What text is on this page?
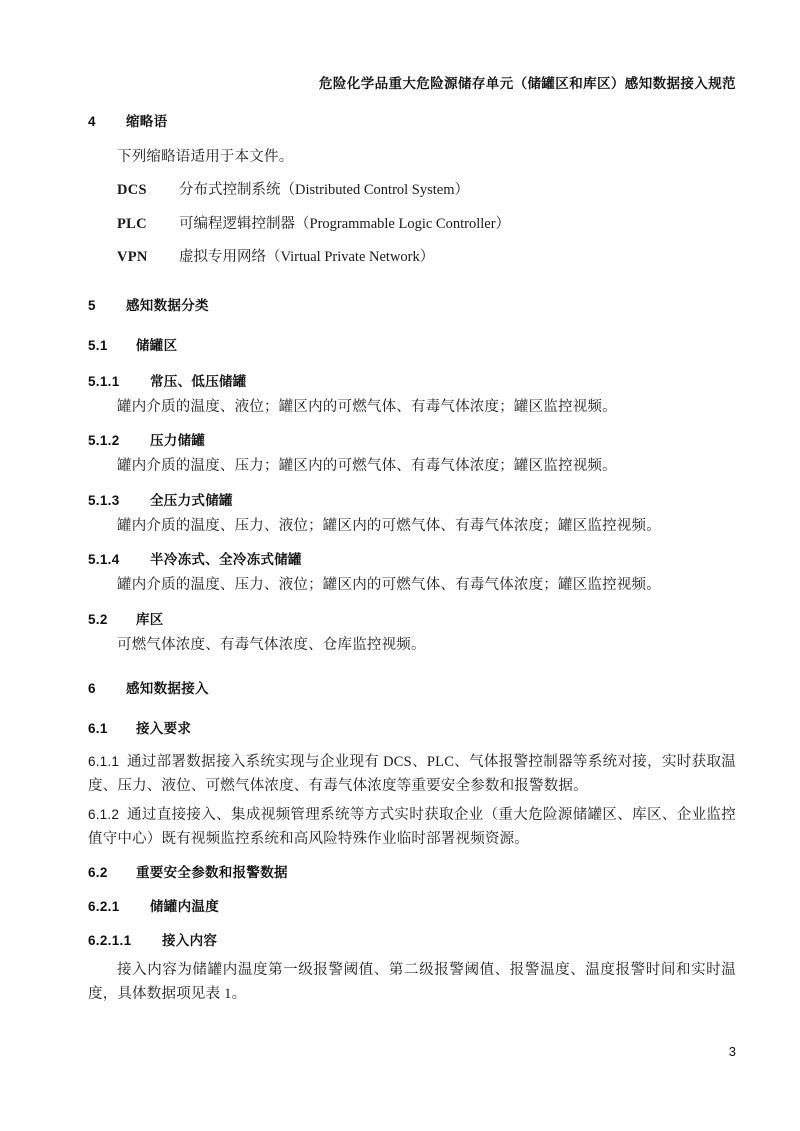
危险化学品重大危险源储存单元（储罐区和库区）感知数据接入规范
4	缩略语

下列缩略语适用于本文件。

DCS	分布式控制系统（Distributed Control System）
PLC	可编程逻辑控制器（Programmable Logic Controller）
VPN	虚拟专用网络（Virtual Private Network）
5	感知数据分类
5.1	储罐区
5.1.1	常压、低压储罐

罐内介质的温度、液位；罐区内的可燃气体、有毒气体浓度；罐区监控视频。

5.1.2	压力储罐

罐内介质的温度、压力；罐区内的可燃气体、有毒气体浓度；罐区监控视频。

5.1.3	全压力式储罐

罐内介质的温度、压力、液位；罐区内的可燃气体、有毒气体浓度；罐区监控视频。

5.1.4	半冷冻式、全冷冻式储罐

罐内介质的温度、压力、液位；罐区内的可燃气体、有毒气体浓度；罐区监控视频。

5.2	库区

可燃气体浓度、有毒气体浓度、仓库监控视频。

6	感知数据接入
6.1	接入要求

6.1.1 通过部署数据接入系统实现与企业现有 DCS、PLC、气体报警控制器等系统对接，实时获取温度、压力、液位、可燃气体浓度、有毒气体浓度等重要安全参数和报警数据。

6.1.2 通过直接接入、集成视频管理系统等方式实时获取企业（重大危险源储罐区、库区、企业监控值守中心）既有视频监控系统和高风险特殊作业临时部署视频资源。

6.2	重要安全参数和报警数据
6.2.1	储罐内温度
6.2.1.1	接入内容

接入内容为储罐内温度第一级报警阈值、第二级报警阈值、报警温度、温度报警时间和实时温度，具体数据项见表 1。

3
